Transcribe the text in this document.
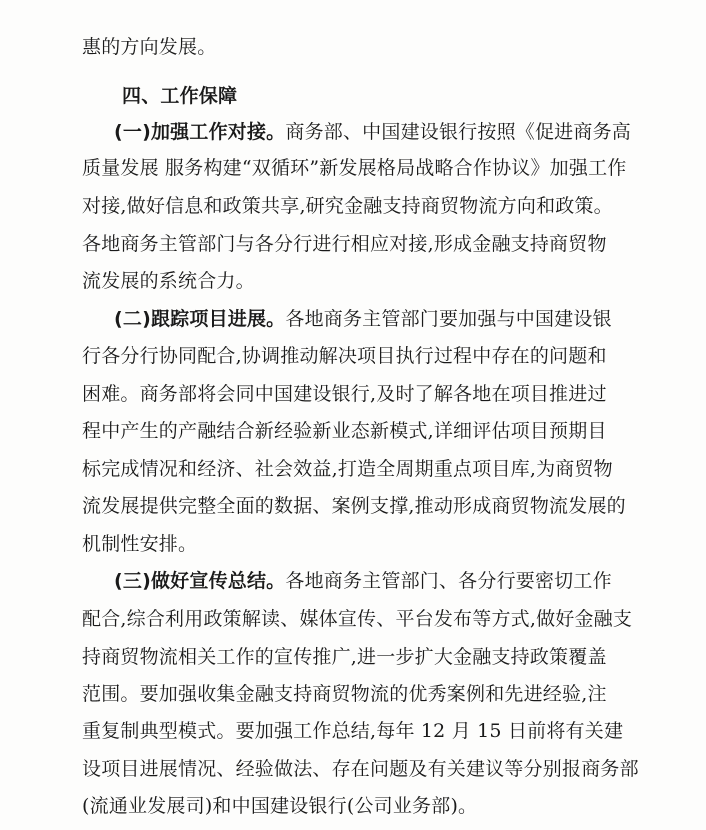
惠的方向发展。
四、工作保障
(一)加强工作对接。商务部、中国建设银行按照《促进商务高
质量发展 服务构建“双循环”新发展格局战略合作协议》加强工作
对接,做好信息和政策共享,研究金融支持商贸物流方向和政策。
各地商务主管部门与各分行进行相应对接,形成金融支持商贸物
流发展的系统合力。
(二)跟踪项目进展。各地商务主管部门要加强与中国建设银
行各分行协同配合,协调推动解决项目执行过程中存在的问题和
困难。商务部将会同中国建设银行,及时了解各地在项目推进过
程中产生的产融结合新经验新业态新模式,详细评估项目预期目
标完成情况和经济、社会效益,打造全周期重点项目库,为商贸物
流发展提供完整全面的数据、案例支撑,推动形成商贸物流发展的
机制性安排。
(三)做好宣传总结。各地商务主管部门、各分行要密切工作
配合,综合利用政策解读、媒体宣传、平台发布等方式,做好金融支
持商贸物流相关工作的宣传推广,进一步扩大金融支持政策覆盖
范围。要加强收集金融支持商贸物流的优秀案例和先进经验,注
重复制典型模式。要加强工作总结,每年 12 月 15 日前将有关建
设项目进展情况、经验做法、存在问题及有关建议等分别报商务部
(流通业发展司)和中国建设银行(公司业务部)。
